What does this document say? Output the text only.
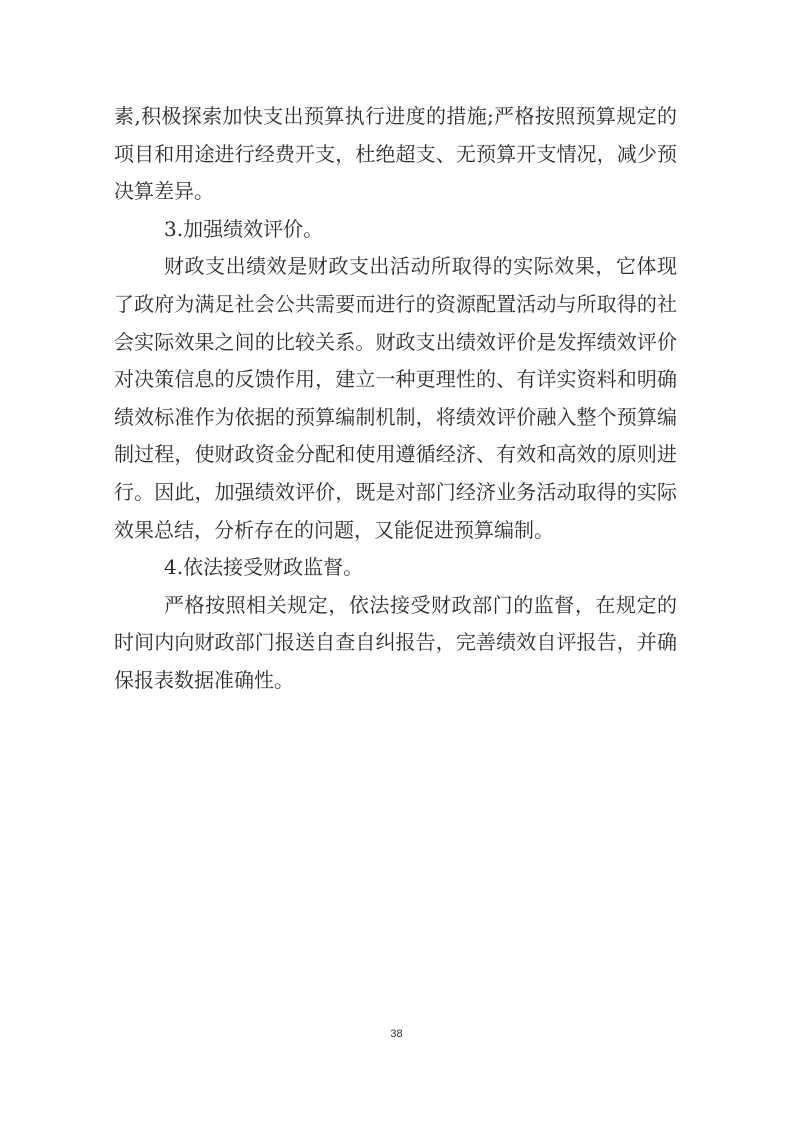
素,积极探索加快支出预算执行进度的措施;严格按照预算规定的项目和用途进行经费开支，杜绝超支、无预算开支情况，减少预决算差异。

3.加强绩效评价。

财政支出绩效是财政支出活动所取得的实际效果，它体现了政府为满足社会公共需要而进行的资源配置活动与所取得的社会实际效果之间的比较关系。财政支出绩效评价是发挥绩效评价对决策信息的反馈作用，建立一种更理性的、有详实资料和明确绩效标准作为依据的预算编制机制，将绩效评价融入整个预算编制过程，使财政资金分配和使用遵循经济、有效和高效的原则进行。因此，加强绩效评价，既是对部门经济业务活动取得的实际效果总结，分析存在的问题，又能促进预算编制。

4.依法接受财政监督。

严格按照相关规定，依法接受财政部门的监督，在规定的时间内向财政部门报送自查自纠报告，完善绩效自评报告，并确保报表数据准确性。

38
